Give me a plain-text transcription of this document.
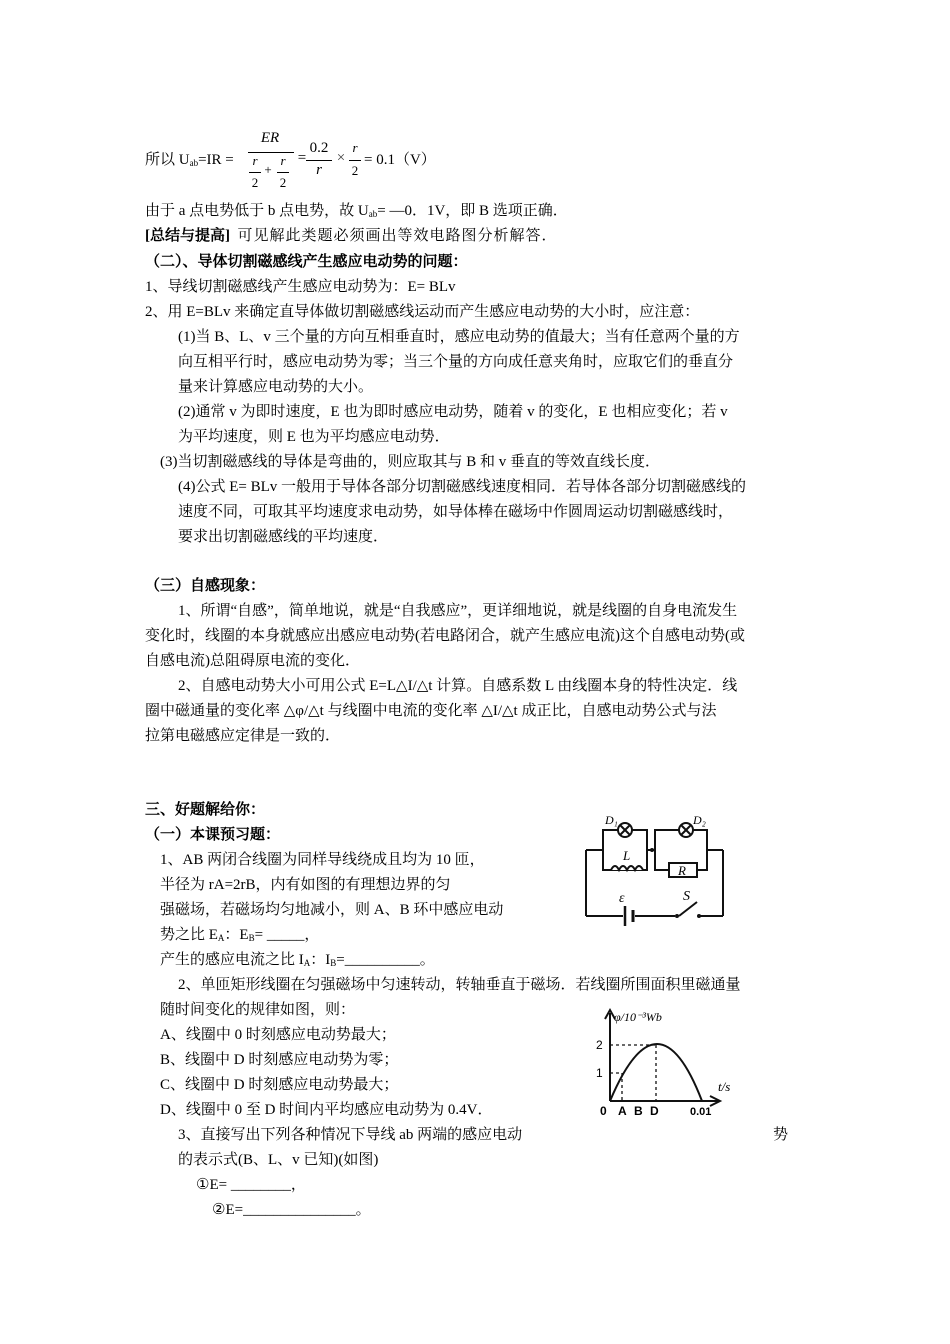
所以 $U_{ab}=IR$ =
ER
r
2
+
r
2
=
0.2
r
×
r
2
= 0.1（V）
由于 a 点电势低于 b 点电势，故 $U_{ab}=$ —0．1V，即 B 选项正确．
[总结与提高] 可见解此类题必须画出等效电路图分析解答．
（二）、导体切割磁感线产生感应电动势的问题：
1、导线切割磁感线产生感应电动势为：E= BLv
2、用 E=BLv 来确定直导体做切割磁感线运动而产生感应电动势的大小时，应注意：
(1)当 B、L、v 三个量的方向互相垂直时，感应电动势的值最大；当有任意两个量的方
向互相平行时，感应电动势为零；当三个量的方向成任意夹角时，应取它们的垂直分
量来计算感应电动势的大小。
(2)通常 v 为即时速度，E 也为即时感应电动势，随着 v 的变化，E 也相应变化；若 v
为平均速度，则 E 也为平均感应电动势．
(3)当切割磁感线的导体是弯曲的，则应取其与 B 和 v 垂直的等效直线长度．
(4)公式 E= BLv 一般用于导体各部分切割磁感线速度相同．若导体各部分切割磁感线的
速度不同，可取其平均速度求电动势，如导体棒在磁场中作圆周运动切割磁感线时，
要求出切割磁感线的平均速度．
（三）自感现象：
1、所谓“自感”，简单地说，就是“自我感应”，更详细地说，就是线圈的自身电流发生
变化时，线圈的本身就感应出感应电动势(若电路闭合，就产生感应电流)这个自感电动势(或
自感电流)总阻碍原电流的变化．
2、自感电动势大小可用公式 E=L△I/△t 计算。自感系数 L 由线圈本身的特性决定．线
圈中磁通量的变化率 △φ/△t 与线圈中电流的变化率 △I/△t 成正比，自感电动势公式与法
拉第电磁感应定律是一致的．
三、好题解给你：
（一）本课预习题：
1、AB 两闭合线圈为同样导线绕成且均为 10 匝，
半径为 rA=2rB，内有如图的有理想边界的匀
强磁场，若磁场均匀地减小，则 A、B 环中感应电动
势之比 $E_A$：$E_B=$ _____，
产生的感应电流之比 $I_A$：$I_B=\_\_\_\_\_\_\_\_\_\_$。
2、单匝矩形线圈在匀强磁场中匀速转动，转轴垂直于磁场．若线圈所围面积里磁通量
随时间变化的规律如图，则：
A、线圈中 0 时刻感应电动势最大；
B、线圈中 D 时刻感应电动势为零；
C、线圈中 D 时刻感应电动势最大；
D、线圈中 0 至 D 时间内平均感应电动势为 0.4V．
3、直接写出下列各种情况下导线 ab 两端的感应电动	势
的表示式(B、L、v 已知)(如图)
①E= ________，
②E=_______________。
D₁	D₂
L
R
ε	S
φ/10⁻³Wb
t/s
2
1
0 A B D	0.01
